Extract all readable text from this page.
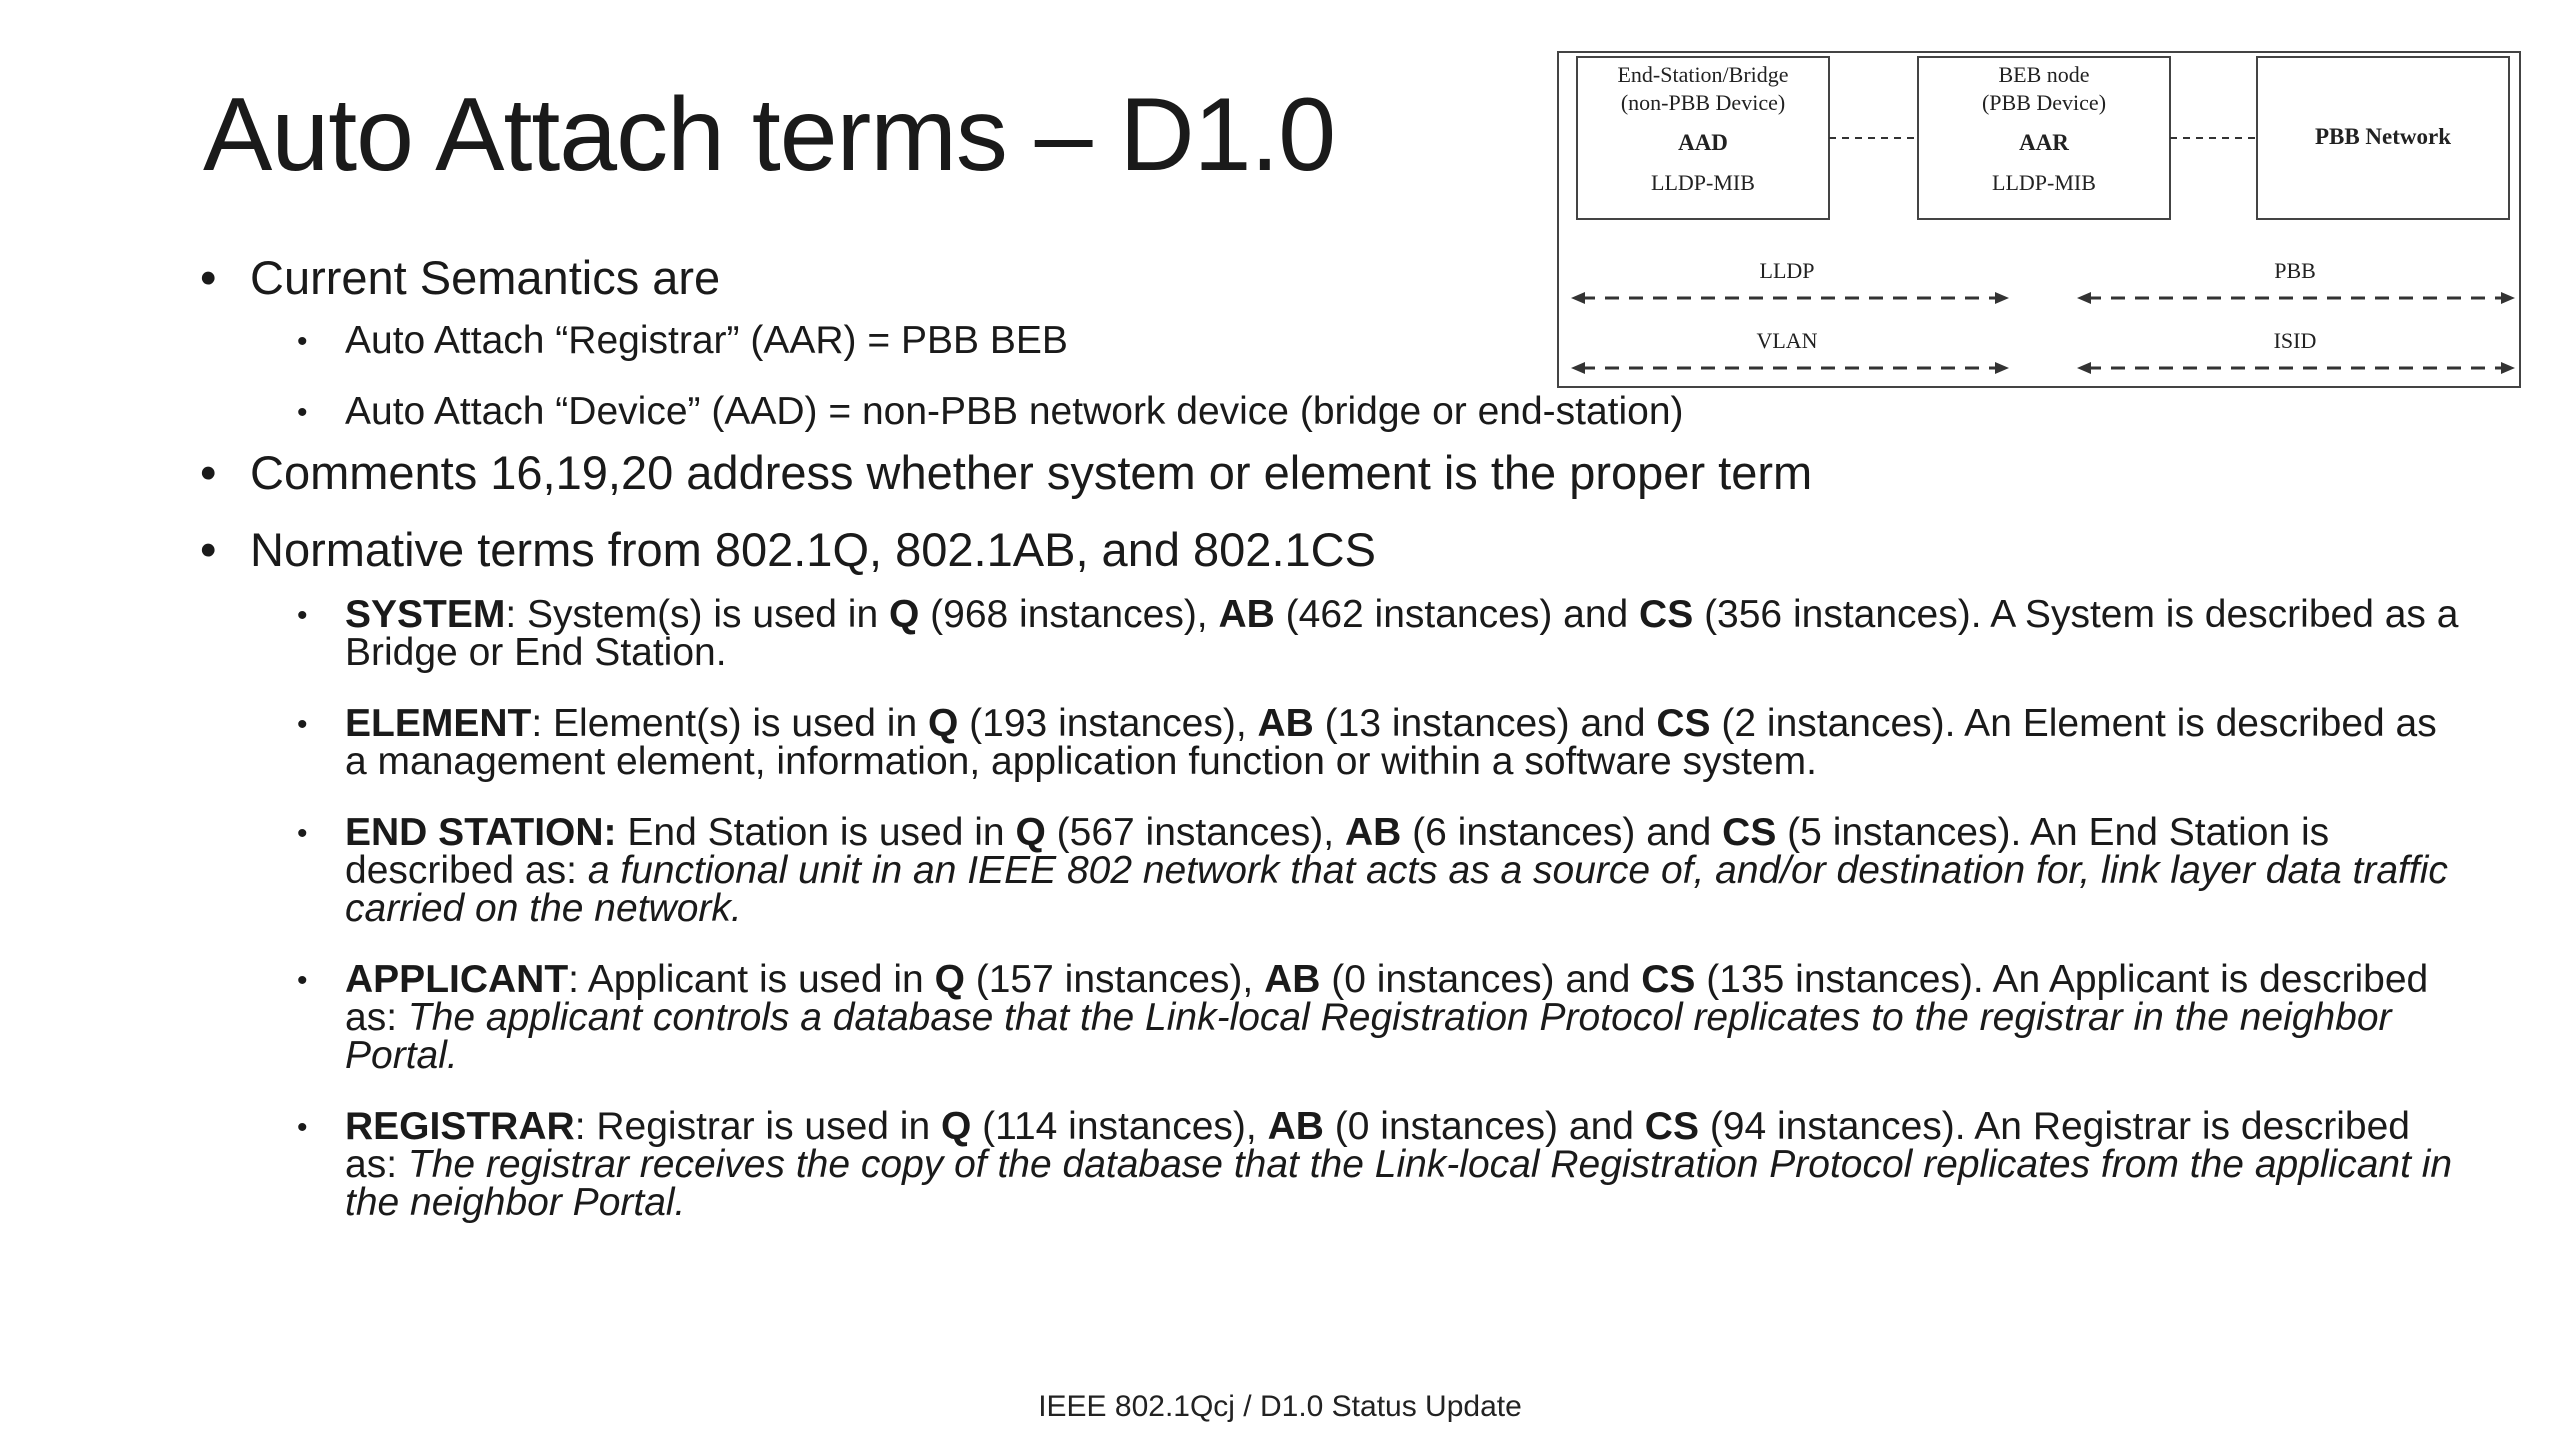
Auto Attach terms – D1.0
End-Station/Bridge
(non-PBB Device)
AAD
LLDP-MIB
BEB node
(PBB Device)
AAR
LLDP-MIB
PBB Network
LLDP
VLAN
PBB
ISID
• Current Semantics are
• Auto Attach “Registrar” (AAR) = PBB BEB
• Auto Attach “Device” (AAD) = non-PBB network device (bridge or end-station)
• Comments 16,19,20 address whether system or element is the proper term
• Normative terms from 802.1Q, 802.1AB, and 802.1CS
• SYSTEM: System(s) is used in Q (968 instances), AB (462 instances) and CS (356 instances). A System is described as a Bridge or End Station.
• ELEMENT: Element(s) is used in Q (193 instances), AB (13 instances) and CS (2 instances). An Element is described as a management element, information, application function or within a software system.
• END STATION: End Station is used in Q (567 instances), AB (6 instances) and CS (5 instances). An End Station is described as: a functional unit in an IEEE 802 network that acts as a source of, and/or destination for, link layer data traffic carried on the network.
• APPLICANT: Applicant is used in Q (157 instances), AB (0 instances) and CS (135 instances). An Applicant is described as: The applicant controls a database that the Link-local Registration Protocol replicates to the registrar in the neighbor Portal.
• REGISTRAR: Registrar is used in Q (114 instances), AB (0 instances) and CS (94 instances). An Registrar is described as: The registrar receives the copy of the database that the Link-local Registration Protocol replicates from the applicant in the neighbor Portal.
IEEE 802.1Qcj / D1.0 Status Update
